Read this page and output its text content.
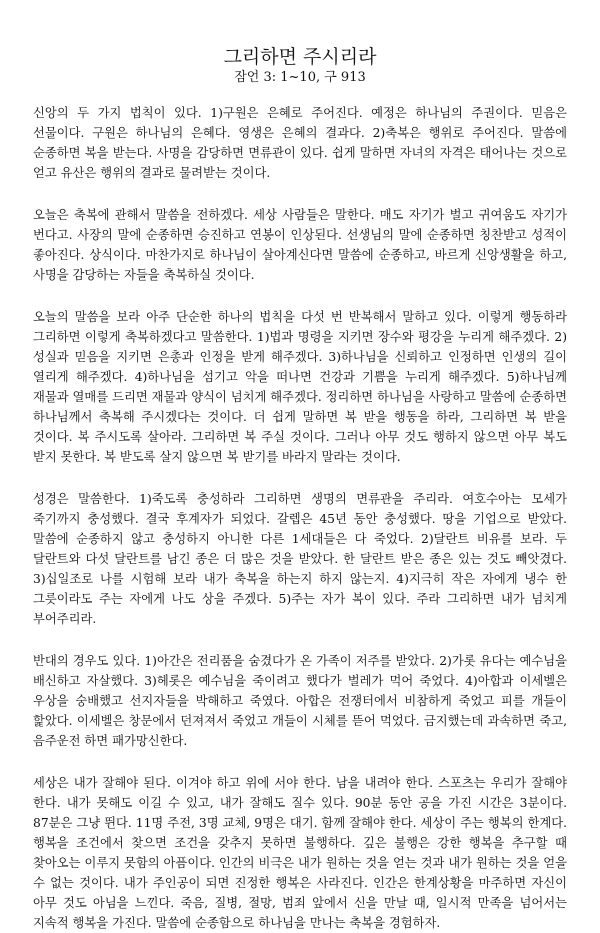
그리하면 주시리라
잠언 3: 1~10, 구 913

신앙의 두 가지 법칙이 있다. 1)구원은 은혜로 주어진다. 예정은 하나님의 주권이다. 믿음은 선물이다. 구원은 하나님의 은혜다. 영생은 은혜의 결과다. 2)축복은 행위로 주어진다. 말씀에 순종하면 복을 받는다. 사명을 감당하면 면류관이 있다. 쉽게 말하면 자녀의 자격은 태어나는 것으로 얻고 유산은 행위의 결과로 물려받는 것이다.

오늘은 축복에 관해서 말씀을 전하겠다. 세상 사람들은 말한다. 매도 자기가 벌고 귀여움도 자기가 번다고. 사장의 말에 순종하면 승진하고 연봉이 인상된다. 선생님의 말에 순종하면 칭찬받고 성적이 좋아진다. 상식이다. 마찬가지로 하나님이 살아계신다면 말씀에 순종하고, 바르게 신앙생활을 하고, 사명을 감당하는 자들을 축복하실 것이다.

오늘의 말씀을 보라 아주 단순한 하나의 법칙을 다섯 번 반복해서 말하고 있다. 이렇게 행동하라 그리하면 이렇게 축복하겠다고 말씀한다. 1)법과 명령을 지키면 장수와 평강을 누리게 해주겠다. 2)성실과 믿음을 지키면 은총과 인정을 받게 해주겠다. 3)하나님을 신뢰하고 인정하면 인생의 길이 열리게 해주겠다. 4)하나님을 섬기고 악을 떠나면 건강과 기쁨을 누리게 해주겠다. 5)하나님께 재물과 열매를 드리면 재물과 양식이 넘치게 해주겠다. 정리하면 하나님을 사랑하고 말씀에 순종하면 하나님께서 축복해 주시겠다는 것이다. 더 쉽게 말하면 복 받을 행동을 하라, 그리하면 복 받을 것이다. 복 주시도록 살아라. 그리하면 복 주실 것이다. 그러나 아무 것도 행하지 않으면 아무 복도 받지 못한다. 복 받도록 살지 않으면 복 받기를 바라지 말라는 것이다.

성경은 말씀한다. 1)죽도록 충성하라 그리하면 생명의 면류관을 주리라. 여호수아는 모세가 죽기까지 충성했다. 결국 후계자가 되었다. 갈렙은 45년 동안 충성했다. 땅을 기업으로 받았다. 말씀에 순종하지 않고 충성하지 아니한 다른 1세대들은 다 죽었다. 2)달란트 비유를 보라. 두 달란트와 다섯 달란트를 남긴 종은 더 많은 것을 받았다. 한 달란트 받은 종은 있는 것도 빼앗겼다. 3)십일조로 나를 시험해 보라 내가 축복을 하는지 하지 않는지. 4)지극히 작은 자에게 냉수 한 그릇이라도 주는 자에게 나도 상을 주겠다. 5)주는 자가 복이 있다. 주라 그리하면 내가 넘치게 부어주리라.

반대의 경우도 있다. 1)아간은 전리품을 숨겼다가 온 가족이 저주를 받았다. 2)가롯 유다는 예수님을 배신하고 자살했다. 3)헤롯은 예수님을 죽이려고 했다가 벌레가 먹어 죽었다. 4)아합과 이세벨은 우상을 숭배했고 선지자들을 박해하고 죽였다. 아합은 전쟁터에서 비참하게 죽었고 피를 개들이 핥았다. 이세벨은 창문에서 던져져서 죽었고 개들이 시체를 뜯어 먹었다. 금지했는데 과속하면 죽고, 음주운전 하면 패가망신한다.

세상은 내가 잘해야 된다. 이겨야 하고 위에 서야 한다. 남을 내려야 한다. 스포츠는 우리가 잘해야 한다. 내가 못해도 이길 수 있고, 내가 잘해도 질수 있다. 90분 동안 공을 가진 시간은 3분이다. 87분은 그냥 뛴다. 11명 주전, 3명 교체, 9명은 대기. 함께 잘해야 한다. 세상이 주는 행복의 한계다. 행복을 조건에서 찾으면 조건을 갖추지 못하면 불행하다. 깊은 불행은 강한 행복을 추구할 때 찾아오는 이루지 못함의 아픔이다. 인간의 비극은 내가 원하는 것을 얻는 것과 내가 원하는 것을 얻을 수 없는 것이다. 내가 주인공이 되면 진정한 행복은 사라진다. 인간은 한계상황을 마주하면 자신이 아무 것도 아님을 느낀다. 죽음, 질병, 절망, 범죄 앞에서 신을 만날 때, 일시적 만족을 넘어서는 지속적 행복을 가진다. 말씀에 순종함으로 하나님을 만나는 축복을 경험하자.
